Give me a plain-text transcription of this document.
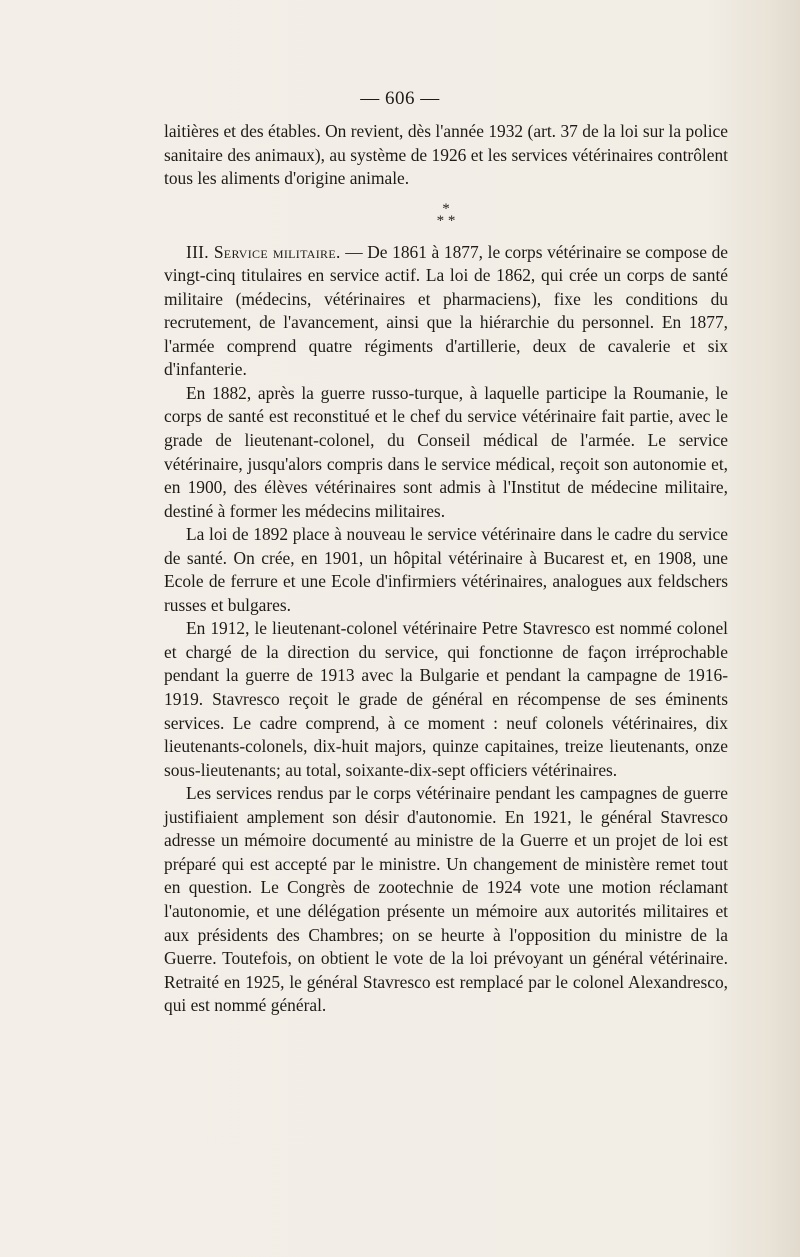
— 606 —

laitières et des étables. On revient, dès l'année 1932 (art. 37 de la loi sur la police sanitaire des animaux), au système de 1926 et les services vétérinaires contrôlent tous les aliments d'origine animale.

*
* *

III. Service militaire. — De 1861 à 1877, le corps vétérinaire se compose de vingt-cinq titulaires en service actif. La loi de 1862, qui crée un corps de santé militaire (médecins, vétérinaires et pharmaciens), fixe les conditions du recrutement, de l'avancement, ainsi que la hiérarchie du personnel. En 1877, l'armée comprend quatre régiments d'artillerie, deux de cavalerie et six d'infanterie.

En 1882, après la guerre russo-turque, à laquelle participe la Roumanie, le corps de santé est reconstitué et le chef du service vétérinaire fait partie, avec le grade de lieutenant-colonel, du Conseil médical de l'armée. Le service vétérinaire, jusqu'alors compris dans le service médical, reçoit son autonomie et, en 1900, des élèves vétérinaires sont admis à l'Institut de médecine militaire, destiné à former les médecins militaires.

La loi de 1892 place à nouveau le service vétérinaire dans le cadre du service de santé. On crée, en 1901, un hôpital vétérinaire à Bucarest et, en 1908, une Ecole de ferrure et une Ecole d'infirmiers vétérinaires, analogues aux feldschers russes et bulgares.

En 1912, le lieutenant-colonel vétérinaire Petre Stavresco est nommé colonel et chargé de la direction du service, qui fonctionne de façon irréprochable pendant la guerre de 1913 avec la Bulgarie et pendant la campagne de 1916-1919. Stavresco reçoit le grade de général en récompense de ses éminents services. Le cadre comprend, à ce moment : neuf colonels vétérinaires, dix lieutenants-colonels, dix-huit majors, quinze capitaines, treize lieutenants, onze sous-lieutenants; au total, soixante-dix-sept officiers vétérinaires.

Les services rendus par le corps vétérinaire pendant les campagnes de guerre justifiaient amplement son désir d'autonomie. En 1921, le général Stavresco adresse un mémoire documenté au ministre de la Guerre et un projet de loi est préparé qui est accepté par le ministre. Un changement de ministère remet tout en question. Le Congrès de zootechnie de 1924 vote une motion réclamant l'autonomie, et une délégation présente un mémoire aux autorités militaires et aux présidents des Chambres; on se heurte à l'opposition du ministre de la Guerre. Toutefois, on obtient le vote de la loi prévoyant un général vétérinaire. Retraité en 1925, le général Stavresco est remplacé par le colonel Alexandresco, qui est nommé général.
